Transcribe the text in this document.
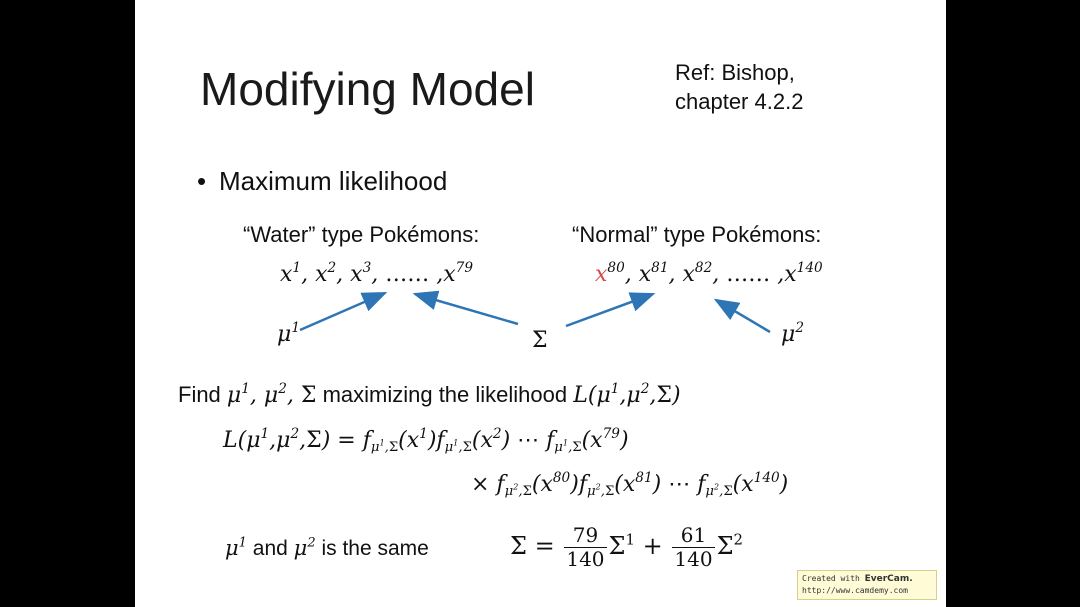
Modifying Model	Ref: Bishop,
chapter 4.2.2
• Maximum likelihood
“Water” type Pokémons:	“Normal” type Pokémons:
$x^1$, $x^2$, $x^3$, …… $,x^{79}$	$x^{80}$, $x^{81}$, $x^{82}$, …… $,x^{140}$
$\mu^1$	Σ	$\mu^2$
Find $\mu^1$, $\mu^2$, Σ maximizing the likelihood $L(\mu^1,\mu^2,\Sigma)$
$L(\mu^1,\mu^2,\Sigma) = f_{\mu^1,\Sigma}(x^1)f_{\mu^1,\Sigma}(x^2)$ ⋯ $f_{\mu^1,\Sigma}(x^{79})$
× $f_{\mu^2,\Sigma}(x^{80})f_{\mu^2,\Sigma}(x^{81})$ ⋯ $f_{\mu^2,\Sigma}(x^{140})$
$\mu^1$ and $\mu^2$ is the same	$\Sigma = \frac{79}{140} \Sigma^1 + \frac{61}{140} \Sigma^2$
Created with EverCam.
http://www.camdemy.com
